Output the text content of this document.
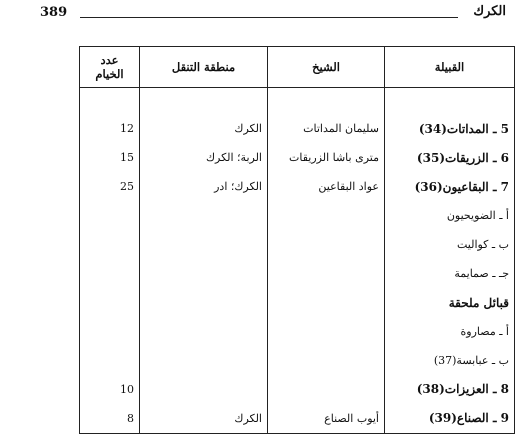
389	الكرك
القبيلة	الشيخ	منطقة التنقل	عدد الخيام

5 ـ المداتات(34)	سليمان المداتات	الكرك	12
6 ـ الزريقات(35)	مترى باشا الزريقات	الربة؛ الكرك	15
7 ـ البقاعيون(36)	عواد البقاعين	الكرك؛ ادر	25
أ ـ الضويحيون			
ب ـ كواليت			
جـ ـ صمايمة			
قبائل ملحقة			
أ ـ مصاروة			
ب ـ عبابسة(37)			
8 ـ العزيزات(38)			10
9 ـ الصناع(39)	أيوب الصناع	الكرك	8
